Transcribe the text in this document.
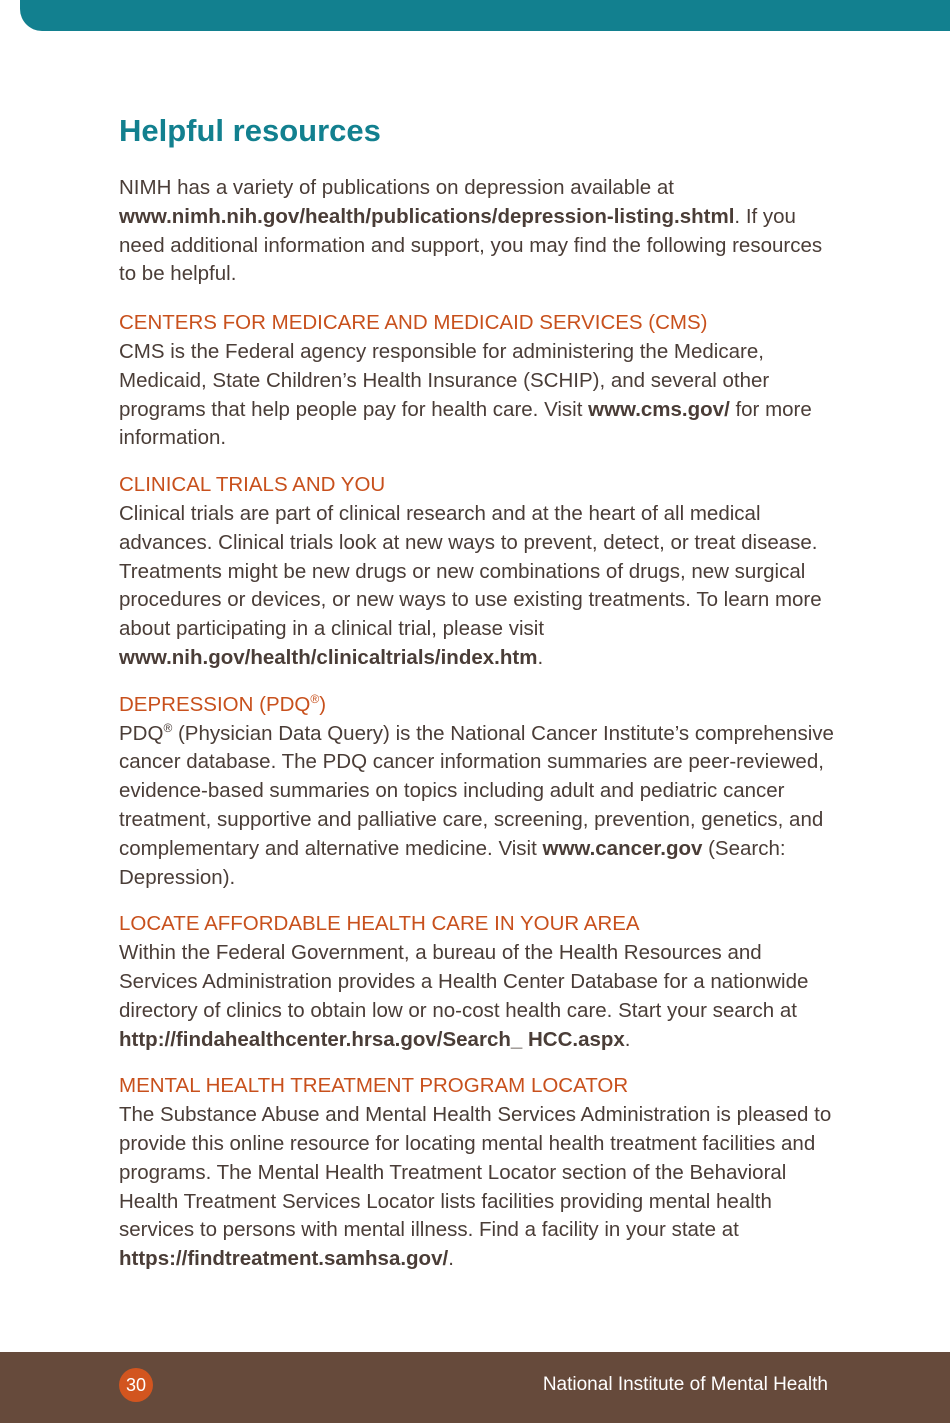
Helpful resources

NIMH has a variety of publications on depression available at www.nimh.nih.gov/health/publications/depression-listing.shtml. If you need additional information and support, you may find the following resources to be helpful.

CENTERS FOR MEDICARE AND MEDICAID SERVICES (CMS)

CMS is the Federal agency responsible for administering the Medicare, Medicaid, State Children’s Health Insurance (SCHIP), and several other programs that help people pay for health care. Visit www.cms.gov/ for more information.

CLINICAL TRIALS AND YOU

Clinical trials are part of clinical research and at the heart of all medical advances. Clinical trials look at new ways to prevent, detect, or treat disease. Treatments might be new drugs or new combinations of drugs, new surgical procedures or devices, or new ways to use existing treatments. To learn more about participating in a clinical trial, please visit www.nih.gov/health/clinicaltrials/index.htm.

DEPRESSION (PDQ®)

PDQ® (Physician Data Query) is the National Cancer Institute’s comprehensive cancer database. The PDQ cancer information summaries are peer-reviewed, evidence-based summaries on topics including adult and pediatric cancer treatment, supportive and palliative care, screening, prevention, genetics, and complementary and alternative medicine. Visit www.cancer.gov (Search: Depression).

LOCATE AFFORDABLE HEALTH CARE IN YOUR AREA

Within the Federal Government, a bureau of the Health Resources and Services Administration provides a Health Center Database for a nationwide directory of clinics to obtain low or no-cost health care. Start your search at http://findahealthcenter.hrsa.gov/Search_ HCC.aspx.

MENTAL HEALTH TREATMENT PROGRAM LOCATOR

The Substance Abuse and Mental Health Services Administration is pleased to provide this online resource for locating mental health treatment facilities and programs. The Mental Health Treatment Locator section of the Behavioral Health Treatment Services Locator lists facilities providing mental health services to persons with mental illness. Find a facility in your state at https://findtreatment.samhsa.gov/.

30	National Institute of Mental Health
